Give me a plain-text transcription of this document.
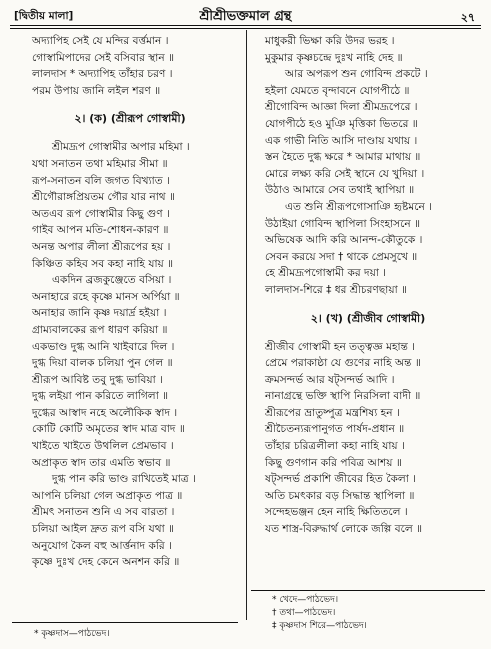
[দ্বিতীয় মালা]	শ্রীশ্রীভক্তমাল গ্রন্থ	২৭
অদ্যাপিহ সেই যে মন্দির বর্ত্তমান ।
গোস্বামিপাদের সেই বসিবার স্থান ॥
লালদাস * অদ্যাপিহ তাঁহার চরণ ।
পরম উপায় জানি লইল শরণ ॥
২। (ক) (শ্রীরূপ গোস্বামী)
শ্রীমদ্রূপ গোস্বামীর অপার মহিমা ।
যথা সনাতন তথা মহিমার সীমা ॥
রূপ-সনাতন বলি জগত বিখ্যাত ।
শ্রীগৌরাঙ্গপ্রিয়তম গৌর যার নাথ ॥
অতএব রূপ গোস্বামীর কিছু গুণ ।
গাইব আপন মতি-শোধন-কারণ ॥
অনন্ত অপার লীলা শ্রীরূপের হয় ।
কিঞ্চিত কহিব সব কহা নাহি যায় ॥
একদিন ব্রজকুঞ্জেতে বসিয়া ।
অনাহারে রহে কৃষ্ণে মানস অর্পিয়া ॥
অনাহার জানি কৃষ্ণ দয়ার্দ্র হইয়া ।
গ্রাম্যবালকের রূপ ধারণ করিয়া ॥
একভাণ্ড দুগ্ধ আনি খাইবারে দিল ।
দুগ্ধ দিয়া বালক চলিয়া পুন গেল ॥
শ্রীরূপ আবিষ্ট তবু দুগ্ধ ভাবিয়া ।
দুগ্ধ লইয়া পান করিতে লাগিলা ॥
দুগ্ধের আস্বাদ নহে অলৌকিক স্বাদ ।
কোটি কোটি অমৃতের স্বাদ মাত্র বাদ ॥
খাইতে খাইতে উথলিল প্রেমভাব ।
অপ্রাকৃত স্বাদ তার এমতি স্বভাব ॥
দুগ্ধ পান করি ভাণ্ড রাখিতেই মাত্র ।
আপনি চলিয়া গেল অপ্রাকৃত পাত্র ॥
শ্রীমৎ সনাতন শুনি এ সব বারতা ।
চলিয়া আইল দ্রুত রূপ বসি যথা ॥
অনুযোগ কৈল বহু আর্ত্তনাদ করি ।
কৃষ্ণে দুঃখ দেহ কেনে অনশন করি ॥
* কৃষ্ণদাস—পাঠভেদ।
মাধুকরী ভিক্ষা করি উদর ভরহ ।
মুকুমার কৃষ্ণচন্দ্রে দুঃখ নাহি দেহ ॥
আর অপরূপ শুন গোবিন্দ প্রকটে ।
হইলা যেমতে বৃন্দাবনে যোগপীঠে ॥
শ্রীগোবিন্দ আজ্ঞা দিলা শ্রীমদ্রূপেরে ।
যোগপীঠে হও মুঞি মৃত্তিকা ভিতরে ॥
এক গাভী নিতি আসি দাণ্ডায় যথায় ।
স্তন হৈতে দুগ্ধ ক্ষরে * আমার মাথায় ॥
মোরে লক্ষ্য করি সেই স্থানে যে খুদিয়া ।
উঠাও আমারে সেব তথাই স্থাপিয়া ॥
এত শুনি শ্রীরূপগোসাঞি হৃষ্টমনে ।
উঠাইয়া গোবিন্দ স্থাপিলা সিংহাসনে ॥
অভিষেক আদি করি আনন্দ-কৌতুকে ।
সেবন করয়ে সদা † থাকে প্রেমসুখে ॥
হে শ্রীমদ্রূপগোস্বামী কর দয়া ।
লালদাস-শিরে ‡ ধর শ্রীচরণছায়া ॥
২। (খ) (শ্রীজীব গোস্বামী)
শ্রীজীব গোস্বামী হন তত্ত্বজ্ঞ মহান্ত ।
প্রেমে পরাকাষ্ঠা যে গুণের নাহি অন্ত ॥
ক্রমসন্দর্ভ আর ষট্সন্দর্ভ আদি ।
নানাগ্রন্থে ভক্তি স্থাপি নিরসিলা বাদী ॥
শ্রীরূপের ভ্রাতুষ্পুত্র মন্ত্রশিষ্য হন ।
শ্রীচৈতন্যরূপানুগত পার্ষদ-প্রধান ॥
তাঁহার চরিত্রলীলা কহা নাহি যায় ।
কিছু গুণগান করি পবিত্র আশয় ॥
ষট্সন্দর্ভ প্রকাশি জীবের হিত কৈলা ।
অতি চমৎকার বড় সিদ্ধান্ত স্থাপিলা ॥
সন্দেহভঞ্জন হেন নাহি ক্ষিতিতলে ।
যত শাস্ত্র-বিরুদ্ধার্থ লোকে জল্পি বলে ॥
* খেদে—পাঠভেদ।
† তথা—পাঠভেদ।
‡ কৃষ্ণদাস শিরে—পাঠভেদ।
